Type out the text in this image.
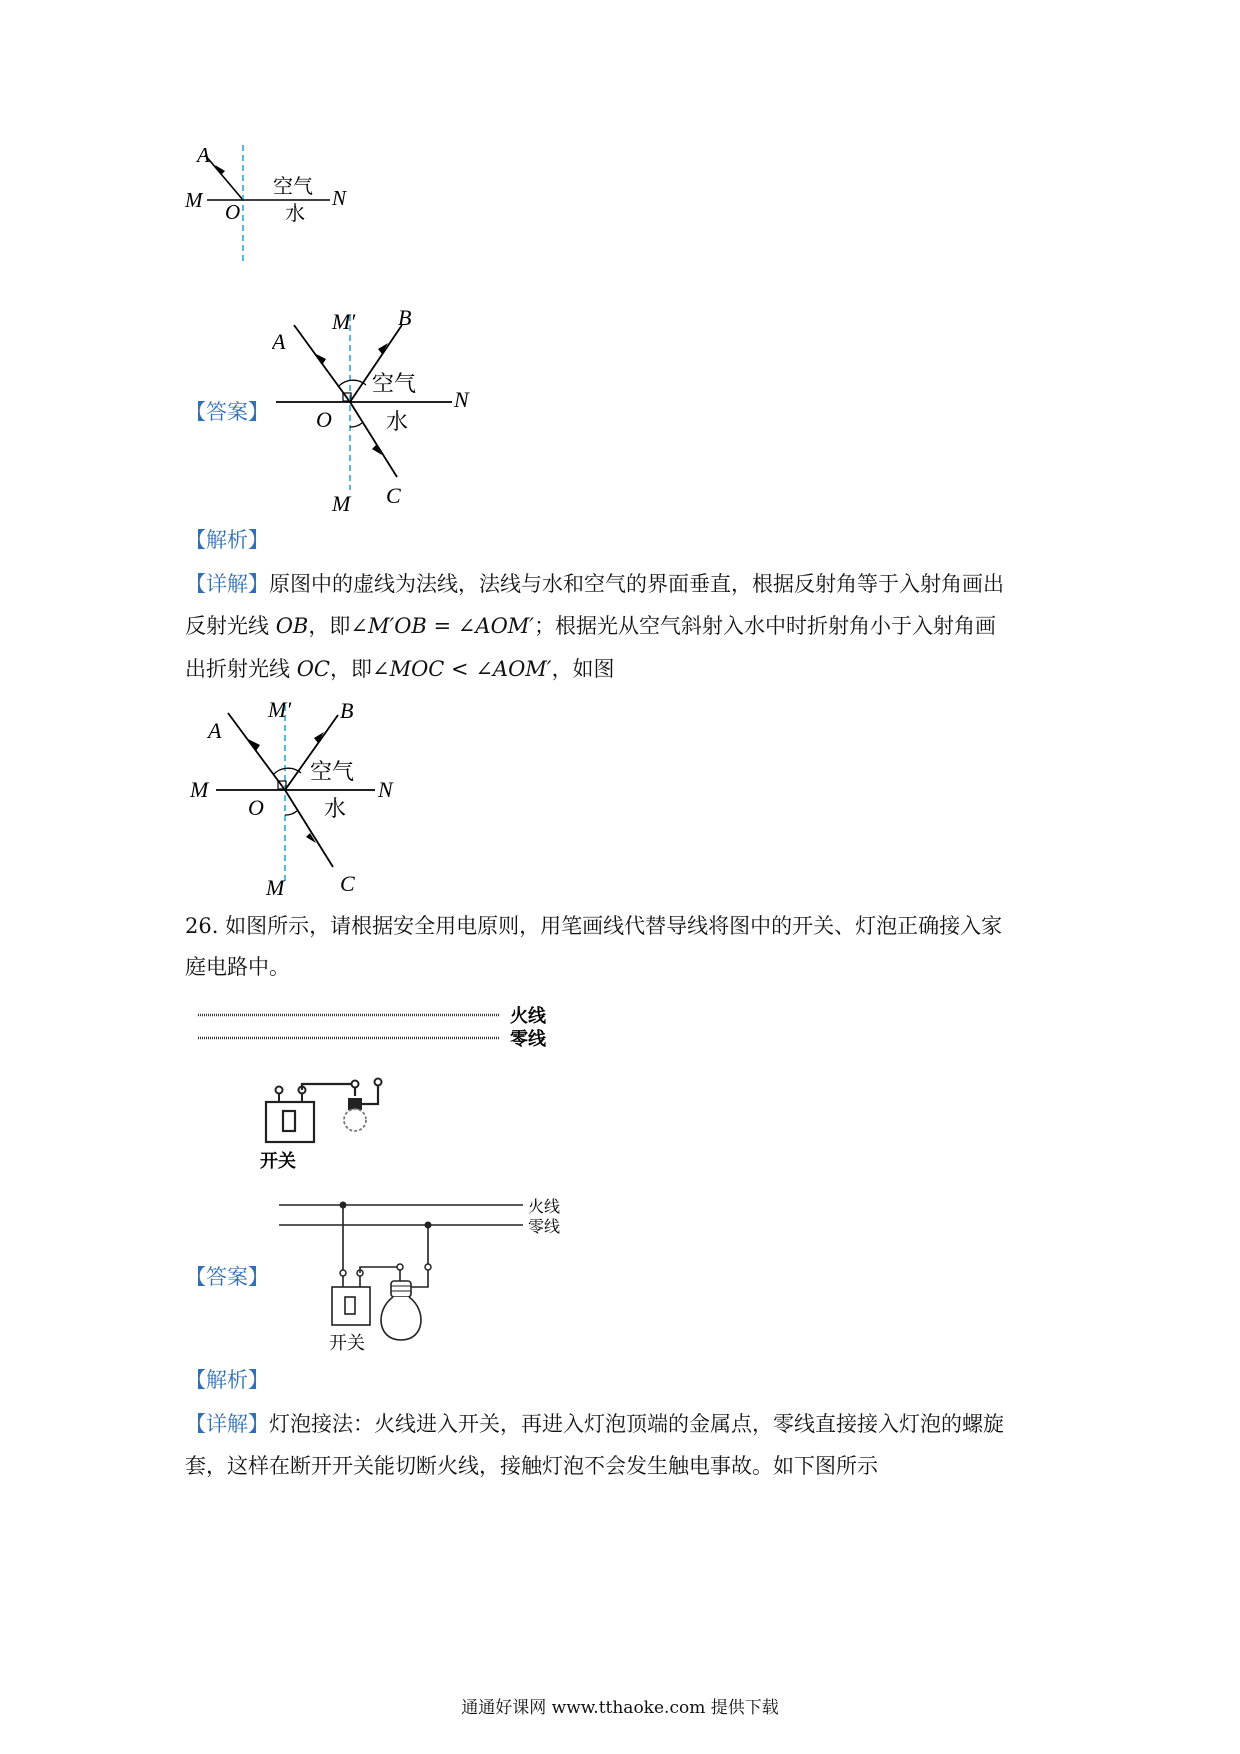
A
M O
N
空气
水
【答案】
A
M′ B
O
N
空气
水
M C
【解析】
【详解】原图中的虚线为法线，法线与水和空气的界面垂直，根据反射角等于入射角画出
反射光线 OB，即∠M′OB = ∠AOM′；根据光从空气斜射入水中时折射角小于入射角画
出折射光线 OC，即∠MOC < ∠AOM′，如图
A
M′ B
M
O
N
空气
水
M	C
26. 如图所示，请根据安全用电原则，用笔画线代替导线将图中的开关、灯泡正确接入家
庭电路中。
火线
零线
开关
【答案】
火线
零线
开关
【解析】
【详解】灯泡接法：火线进入开关，再进入灯泡顶端的金属点，零线直接接入灯泡的螺旋
套，这样在断开开关能切断火线，接触灯泡不会发生触电事故。如下图所示
通通好课网 www.tthaoke.com 提供下载
